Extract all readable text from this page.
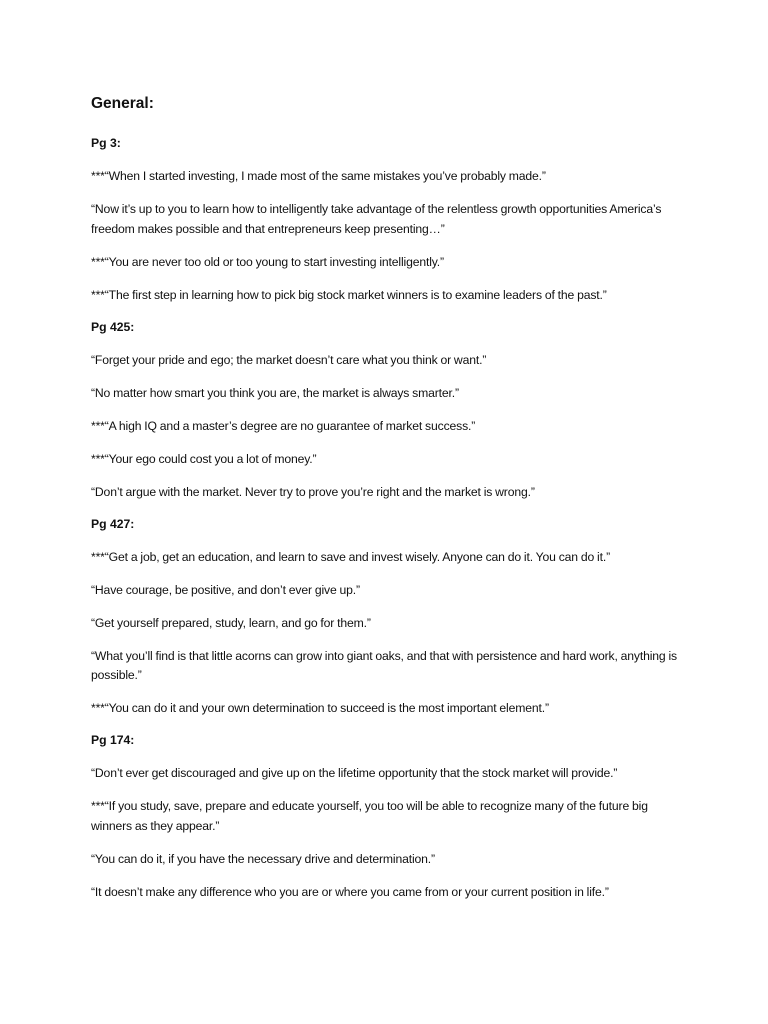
General:
Pg 3:

***“When I started investing, I made most of the same mistakes you’ve probably made.”

“Now it’s up to you to learn how to intelligently take advantage of the relentless growth opportunities America’s freedom makes possible and that entrepreneurs keep presenting…”

***“You are never too old or too young to start investing intelligently.”

***“The first step in learning how to pick big stock market winners is to examine leaders of the past.”

Pg 425:

“Forget your pride and ego; the market doesn’t care what you think or want.”

“No matter how smart you think you are, the market is always smarter.”

***“A high IQ and a master’s degree are no guarantee of market success.”

***“Your ego could cost you a lot of money.”

“Don’t argue with the market. Never try to prove you’re right and the market is wrong.”

Pg 427:

***“Get a job, get an education, and learn to save and invest wisely. Anyone can do it. You can do it.”

“Have courage, be positive, and don’t ever give up.”

“Get yourself prepared, study, learn, and go for them.”

“What you’ll find is that little acorns can grow into giant oaks, and that with persistence and hard work, anything is possible.”

***“You can do it and your own determination to succeed is the most important element.”

Pg 174:

“Don’t ever get discouraged and give up on the lifetime opportunity that the stock market will provide.”

***“If you study, save, prepare and educate yourself, you too will be able to recognize many of the future big winners as they appear.”

“You can do it, if you have the necessary drive and determination.”

“It doesn’t make any difference who you are or where you came from or your current position in life.”
